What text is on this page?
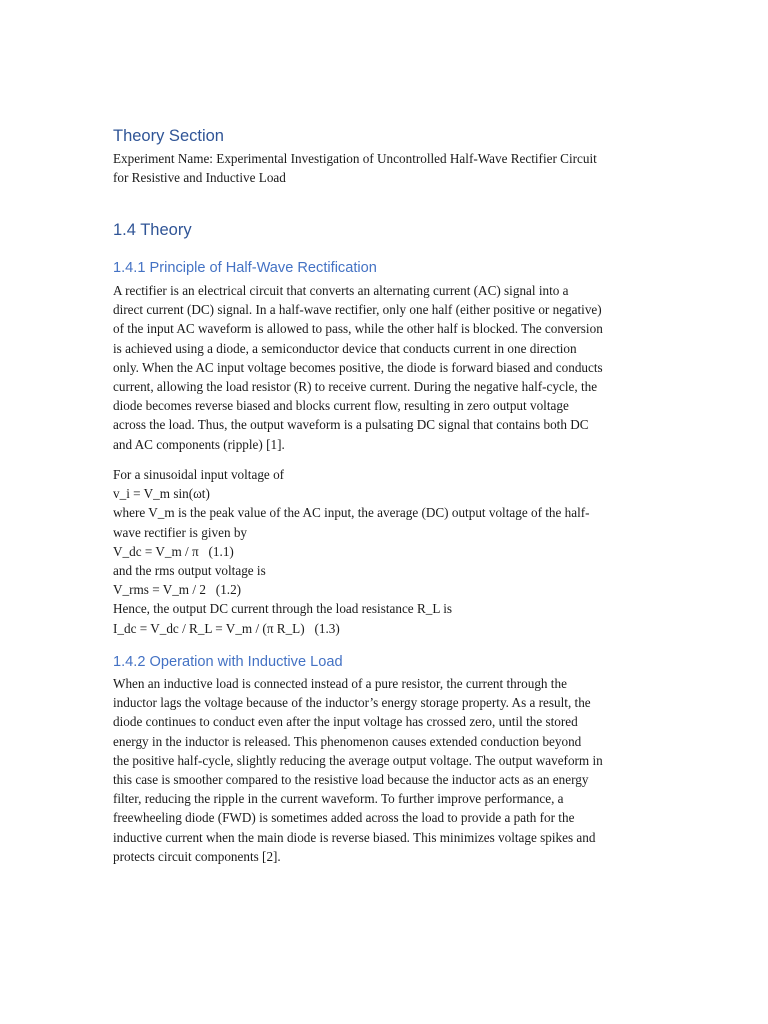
Theory Section
Experiment Name: Experimental Investigation of Uncontrolled Half-Wave Rectifier Circuit
for Resistive and Inductive Load
1.4 Theory
1.4.1 Principle of Half-Wave Rectification
A rectifier is an electrical circuit that converts an alternating current (AC) signal into a
direct current (DC) signal. In a half-wave rectifier, only one half (either positive or negative)
of the input AC waveform is allowed to pass, while the other half is blocked. The conversion
is achieved using a diode, a semiconductor device that conducts current in one direction
only. When the AC input voltage becomes positive, the diode is forward biased and conducts
current, allowing the load resistor (R) to receive current. During the negative half-cycle, the
diode becomes reverse biased and blocks current flow, resulting in zero output voltage
across the load. Thus, the output waveform is a pulsating DC signal that contains both DC
and AC components (ripple) [1].
For a sinusoidal input voltage of
v_i = V_m sin(ωt)
where V_m is the peak value of the AC input, the average (DC) output voltage of the half-
wave rectifier is given by
V_dc = V_m / π   (1.1)
and the rms output voltage is
V_rms = V_m / 2   (1.2)
Hence, the output DC current through the load resistance R_L is
I_dc = V_dc / R_L = V_m / (π R_L)   (1.3)
1.4.2 Operation with Inductive Load
When an inductive load is connected instead of a pure resistor, the current through the
inductor lags the voltage because of the inductor’s energy storage property. As a result, the
diode continues to conduct even after the input voltage has crossed zero, until the stored
energy in the inductor is released. This phenomenon causes extended conduction beyond
the positive half-cycle, slightly reducing the average output voltage. The output waveform in
this case is smoother compared to the resistive load because the inductor acts as an energy
filter, reducing the ripple in the current waveform. To further improve performance, a
freewheeling diode (FWD) is sometimes added across the load to provide a path for the
inductive current when the main diode is reverse biased. This minimizes voltage spikes and
protects circuit components [2].
